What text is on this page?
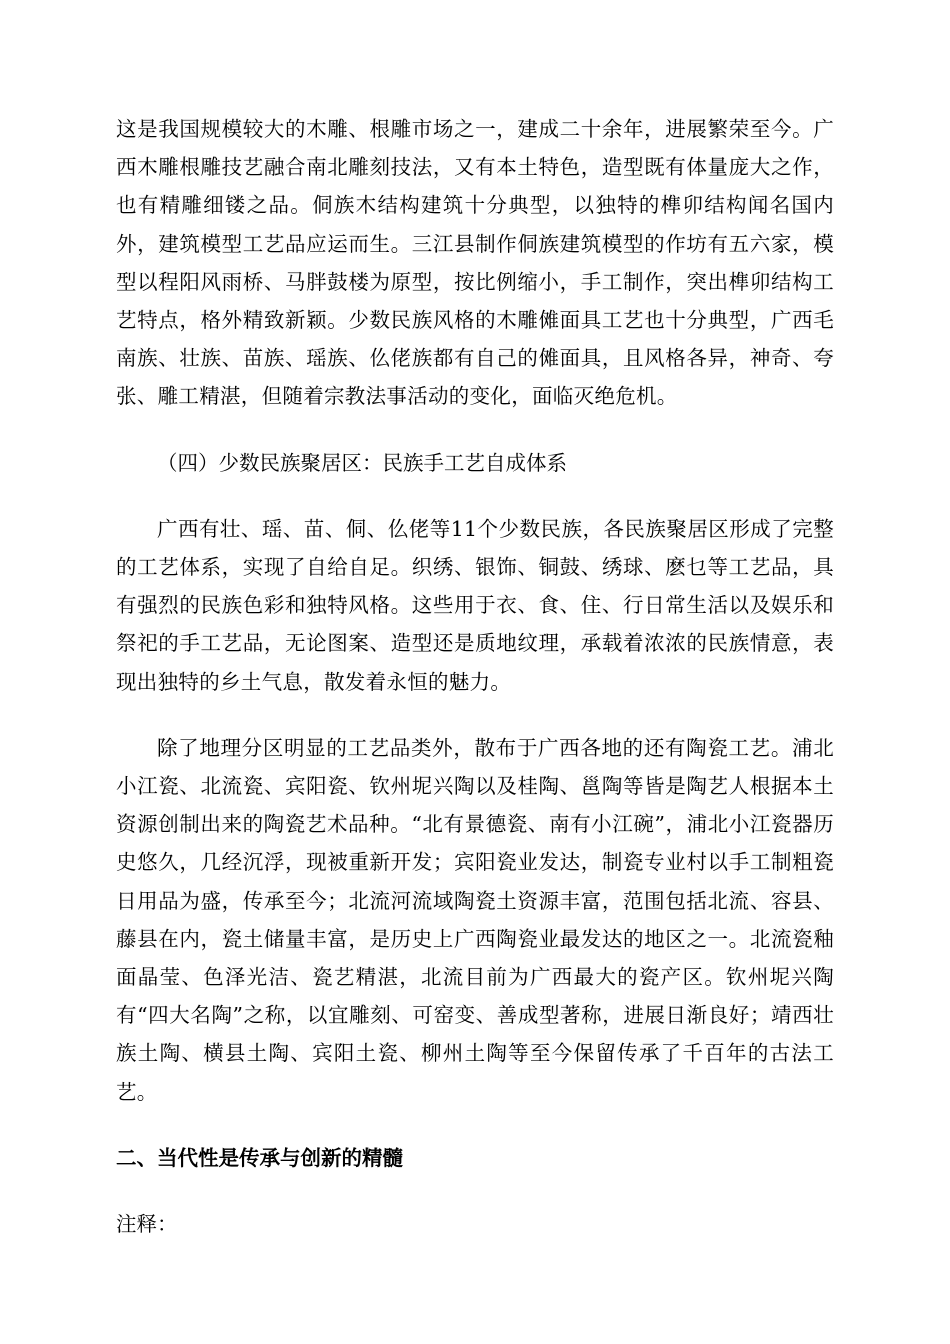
这是我国规模较大的木雕、根雕市场之一，建成二十余年，进展繁荣至今。广西木雕根雕技艺融合南北雕刻技法，又有本土特色，造型既有体量庞大之作，也有精雕细镂之品。侗族木结构建筑十分典型，以独特的榫卯结构闻名国内外，建筑模型工艺品应运而生。三江县制作侗族建筑模型的作坊有五六家，模型以程阳风雨桥、马胖鼓楼为原型，按比例缩小，手工制作，突出榫卯结构工艺特点，格外精致新颖。少数民族风格的木雕傩面具工艺也十分典型，广西毛南族、壮族、苗族、瑶族、仫佬族都有自己的傩面具，且风格各异，神奇、夸张、雕工精湛，但随着宗教法事活动的变化，面临灭绝危机。

（四）少数民族聚居区：民族手工艺自成体系

广西有壮、瑶、苗、侗、仫佬等11个少数民族，各民族聚居区形成了完整的工艺体系，实现了自给自足。织绣、银饰、铜鼓、绣球、麽乜等工艺品，具有强烈的民族色彩和独特风格。这些用于衣、食、住、行日常生活以及娱乐和祭祀的手工艺品，无论图案、造型还是质地纹理，承载着浓浓的民族情意，表现出独特的乡土气息，散发着永恒的魅力。

除了地理分区明显的工艺品类外，散布于广西各地的还有陶瓷工艺。浦北小江瓷、北流瓷、宾阳瓷、钦州坭兴陶以及桂陶、邕陶等皆是陶艺人根据本土资源创制出来的陶瓷艺术品种。“北有景德瓷、南有小江碗”，浦北小江瓷器历史悠久，几经沉浮，现被重新开发；宾阳瓷业发达，制瓷专业村以手工制粗瓷日用品为盛，传承至今；北流河流域陶瓷土资源丰富，范围包括北流、容县、藤县在内，瓷土储量丰富，是历史上广西陶瓷业最发达的地区之一。北流瓷釉面晶莹、色泽光洁、瓷艺精湛，北流目前为广西最大的瓷产区。钦州坭兴陶有“四大名陶”之称，以宜雕刻、可窑变、善成型著称，进展日渐良好；靖西壮族土陶、横县土陶、宾阳土瓷、柳州土陶等至今保留传承了千百年的古法工艺。

二、当代性是传承与创新的精髓

注释：
